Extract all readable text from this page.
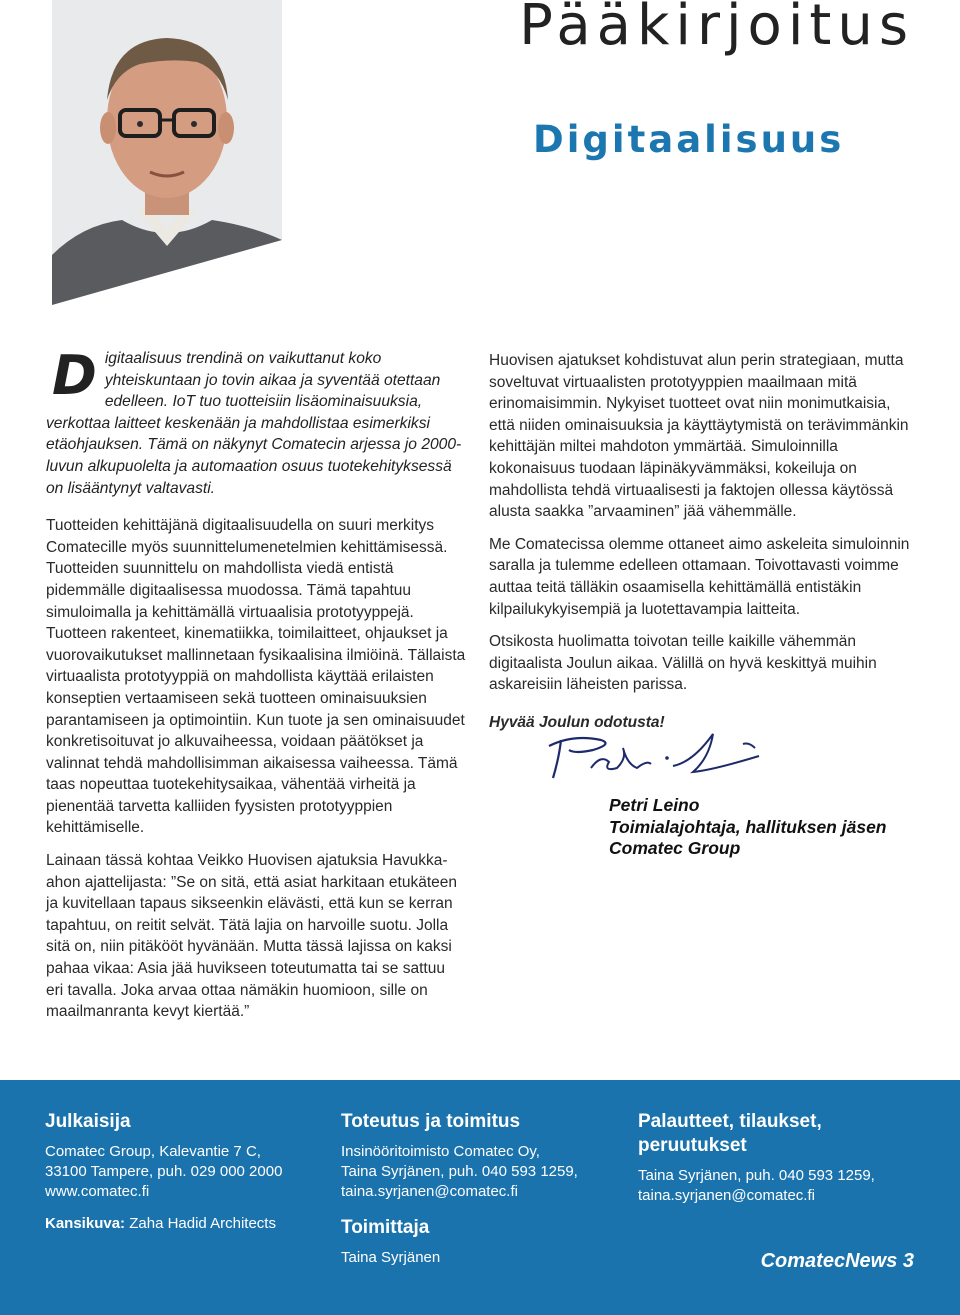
Pääkirjoitus
Digitaalisuus

Digitaalisuus trendinä on vaikuttanut koko yhteiskuntaan jo tovin aikaa ja syventää otettaan edelleen. IoT tuo tuotteisiin lisäominaisuuksia, verkottaa laitteet keskenään ja mahdollistaa esimerkiksi etäohjauksen. Tämä on näkynyt Comatecin arjessa jo 2000-luvun alkupuolelta ja automaation osuus tuotekehityksessä on lisääntynyt valtavasti.

Tuotteiden kehittäjänä digitaalisuudella on suuri merkitys Comatecille myös suunnittelumenetelmien kehittämisessä. Tuotteiden suunnittelu on mahdollista viedä entistä pidemmälle digitaalisessa muodossa. Tämä tapahtuu simuloimalla ja kehittämällä virtuaalisia prototyyppejä. Tuotteen rakenteet, kinematiikka, toimilaitteet, ohjaukset ja vuorovaikutukset mallinnetaan fysikaalisina ilmiöinä. Tällaista virtuaalista prototyyppiä on mahdollista käyttää erilaisten konseptien vertaamiseen sekä tuotteen ominaisuuksien parantamiseen ja optimointiin. Kun tuote ja sen ominaisuudet konkretisoituvat jo alkuvaiheessa, voidaan päätökset ja valinnat tehdä mahdollisimman aikaisessa vaiheessa. Tämä taas nopeuttaa tuotekehitysaikaa, vähentää virheitä ja pienentää tarvetta kalliiden fyysisten prototyyppien kehittämiselle.

Lainaan tässä kohtaa Veikko Huovisen ajatuksia Havukka-ahon ajattelijasta: ”Se on sitä, että asiat harkitaan etukäteen ja kuvitellaan tapaus sikseenkin elävästi, että kun se kerran tapahtuu, on reitit selvät. Tätä lajia on harvoille suotu. Jolla sitä on, niin pitäkööt hyvänään. Mutta tässä lajissa on kaksi pahaa vikaa: Asia jää huvikseen toteutumatta tai se sattuu eri tavalla. Joka arvaa ottaa nämäkin huomioon, sille on maailmanranta kevyt kiertää.”

Huovisen ajatukset kohdistuvat alun perin strategiaan, mutta soveltuvat virtuaalisten prototyyppien maailmaan mitä erinomaisimmin. Nykyiset tuotteet ovat niin monimutkaisia, että niiden ominaisuuksia ja käyttäytymistä on terävimmänkin kehittäjän miltei mahdoton ymmärtää. Simuloinnilla kokonaisuus tuodaan läpinäkyvämmäksi, kokeiluja on mahdollista tehdä virtuaalisesti ja faktojen ollessa käytössä alusta saakka ”arvaaminen” jää vähemmälle.

Me Comatecissa olemme ottaneet aimo askeleita simuloinnin saralla ja tulemme edelleen ottamaan. Toivottavasti voimme auttaa teitä tälläkin osaamisella kehittämällä entistäkin kilpailukykyisempiä ja luotettavampia laitteita.

Otsikosta huolimatta toivotan teille kaikille vähemmän digitaalista Joulun aikaa. Välillä on hyvä keskittyä muihin askareisiin läheisten parissa.

Hyvää Joulun odotusta!

Petri Leino
Toimialajohtaja, hallituksen jäsen
Comatec Group
Julkaisija
Comatec Group, Kalevantie 7 C,
33100 Tampere, puh. 029 000 2000
www.comatec.fi
Kansikuva: Zaha Hadid Architects
Toteutus ja toimitus
Insinööritoimisto Comatec Oy,
Taina Syrjänen, puh. 040 593 1259,
taina.syrjanen@comatec.fi
Toimittaja
Taina Syrjänen
Palautteet, tilaukset,
peruutukset
Taina Syrjänen, puh. 040 593 1259,
taina.syrjanen@comatec.fi
ComatecNews 3
